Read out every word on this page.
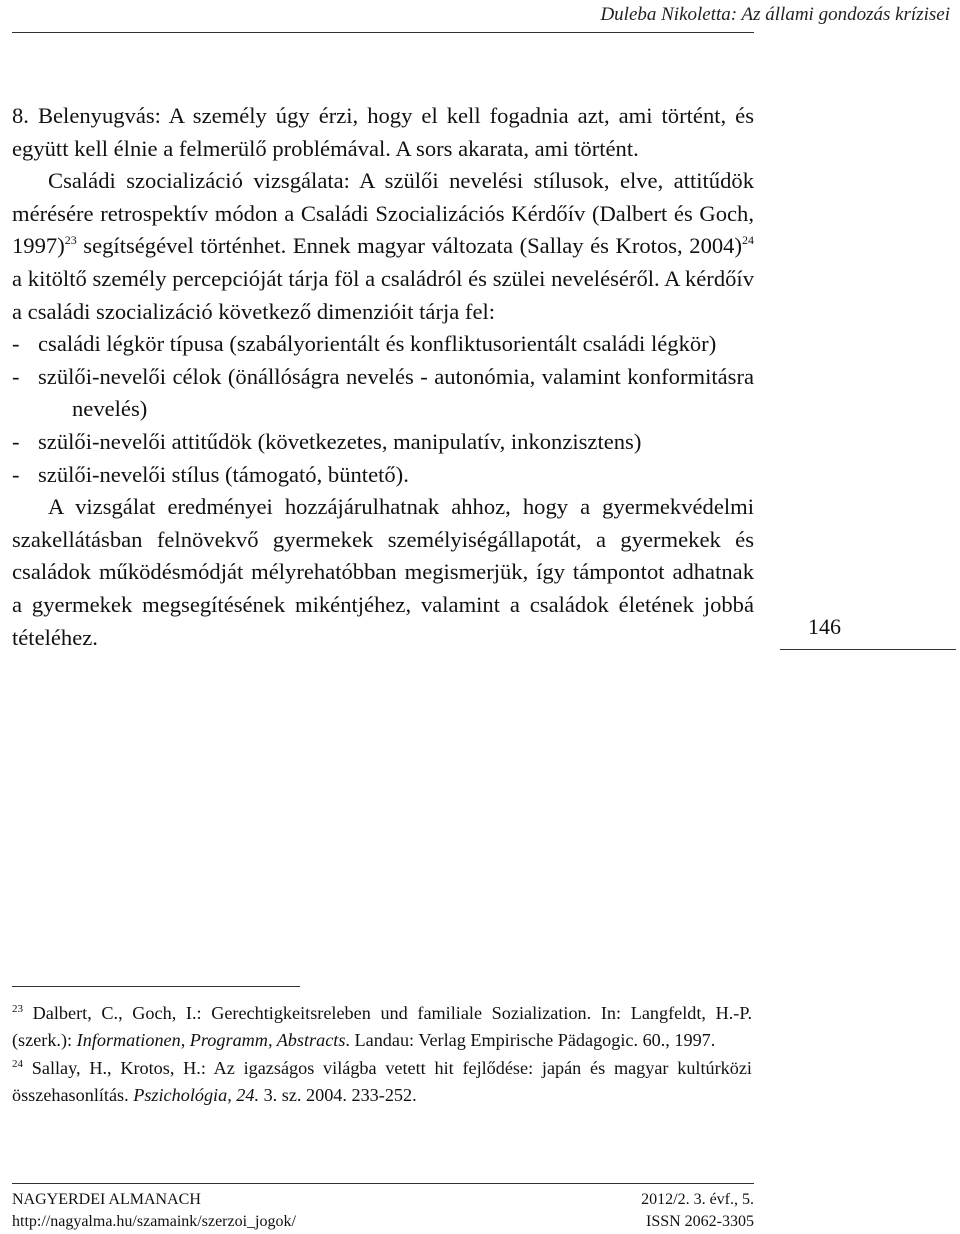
Duleba Nikoletta: Az állami gondozás krízisei

8. Belenyugvás: A személy úgy érzi, hogy el kell fogadnia azt, ami történt, és együtt kell élnie a felmerülő problémával. A sors akarata, ami történt.

Családi szocializáció vizsgálata: A szülői nevelési stílusok, elve, attitűdök mérésére retrospektív módon a Családi Szocializációs Kérdőív (Dalbert és Goch, 1997)$^{23}$ segítségével történhet. Ennek magyar változata (Sallay és Krotos, 2004)$^{24}$ a kitöltő személy percepcióját tárja föl a családról és szülei neveléséről. A kérdőív a családi szocializáció következő dimenzióit tárja fel:

- családi légkör típusa (szabályorientált és konfliktusorientált családi légkör)

- szülői-nevelői célok (önállóságra nevelés - autonómia, valamint konformitásra nevelés)

- szülői-nevelői attitűdök (következetes, manipulatív, inkonzisztens)

- szülői-nevelői stílus (támogató, büntető).

A vizsgálat eredményei hozzájárulhatnak ahhoz, hogy a gyermekvédelmi szakellátásban felnövekvő gyermekek személyiségállapotát, a gyermekek és családok működésmódját mélyrehatóbban megismerjük, így támpontot adhatnak a gyermekek megsegítésének mikéntjéhez, valamint a családok életének jobbá tételéhez.	146

$^{23}$ Dalbert, C., Goch, I.: Gerechtigkeitsreleben und familiale Sozialization. In: Langfeldt, H.-P. (szerk.): Informationen, Programm, Abstracts. Landau: Verlag Empirische Pädagogic. 60., 1997.

$^{24}$ Sallay, H., Krotos, H.: Az igazságos világba vetett hit fejlődése: japán és magyar kultúrközi összehasonlítás. Pszichológia, 24. 3. sz. 2004. 233-252.

NAGYERDEI ALMANACH	2012/2. 3. évf., 5.
http://nagyalma.hu/szamaink/szerzoi_jogok/	ISSN 2062-3305
